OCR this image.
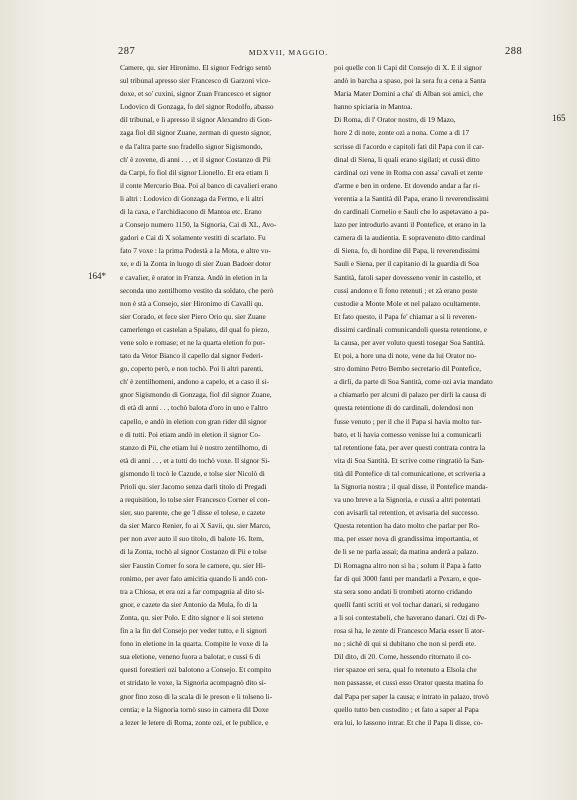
287	MDXVII, MAGGIO.	288
164*
165
Camere, qu. sier Hironimo. El signor Fedrigo sentò
sul tribunal apresso sier Francesco di Garzoni vice-
doxe, et so' cuxini, signor Zuan Francesco et signor
Lodovico di Gonzaga, fo del signor Rodolfo, abasso
dil tribunal, e li apresso il signor Alexandro di Gon-
zaga fiol dil signor Zuane, zerman di questo signor,
e da l'altra parte suo fradello signor Sigismondo,
ch' è zovene, di anni . . , et il signor Costanzo di Pii
da Carpi, fo fiol dil signor Lionello. Et era etiam lì
il conte Mercurio Bua. Poi al banco di cavalieri erano
li altri : Lodovico di Gonzaga da Fermo, e li altri
di la caxa, e l'archidiacono di Mantoa etc. Erano
a Consejo numero 1150, la Signoria, Cai di XL, Avo-
gadori e Cai di X solamente vestiti di scarlato. Fu
fato 7 voxe : la prima Podestà a la Mota, e altre vo-
xe, e di la Zonta in luogo di sier Zuan Badoer dotor
e cavalier, è orator in Franza. Andò in eletion in la
seconda uno zentilhomo vestito da soldato, che però
non è stà a Consejo, sier Hironimo di Cavalli qu.
sier Corado, et fece sier Piero Orio qu. sier Zuane
camerlengo et castelan a Spalato, dil qual fo piezo,
vene solo e romase; et ne la quarta eletion fo por-
tato da Vetor Bianco il capello dal signor Federi-
go, coperto però, e non tochò. Poi li altri parenti,
ch' è zentilhomeni, andono a capelo, et a caso il si-
gnor Sigismondo di Gonzaga, fiol dil signor Zuane,
di età di anni . . , tochò balota d'oro in uno e l'altro
capello, e andò in eletion con gran rider dil signor
e di tutti. Poi etiam andò in eletion il signor Co-
stanzo di Pii, che etiam lui è nostro zentilhomo, di
età di anni . . , et a tutti do tochò voxe. Il signor Si-
gismondo li tocò le Cazude, e tolse sier Nicolò di
Prioli qu. sier Jacomo senza darli titolo di Pregadi
a requisition, lo tolse sier Francesco Corner el con-
sier, suo parente, che ge 'l disse el tolese, e cazete
da sier Marco Renier, fo ai X Savii, qu. sier Marco,
per non aver auto il suo titolo, di balote 16. Item,
di la Zonta, tochò al signor Costanzo di Pii e tolse
sier Faustin Corner fo sora le camere, qu. sier Hi-
ronimo, per aver fato amicitia quando li andò con-
tra a Chiosa, et era ozi a far compagnia al dito si-
gnor, e cazete da sier Antonio da Mula, fo di la
Zonta, qu. sier Polo. E dito signor e li soi steteno
fin a la fin del Consejo per veder tutto, e li signori
fono in eletione in la quarta. Compite le voxe di la
sua eletione, veneno fuora a balotar, e cussì 6 di
questi forestieri ozi balotono a Consejo. Et compito
et stridato le voxe, la Signoria acompagnò dito si-
gnor fino zoso di la scala di le preson e li tolseno li-
centia; e la Signoria tornò suso in camera dil Doxe
a lezer le letere di Roma, zonte ozi, et le publice, e
poi quelle con li Capi dil Consejo di X. E il signor
andò in barcha a spaso, poi la sera fu a cena a Santa
Maria Mater Domini a cha' di Alban soi amici, che
hanno spiciaria in Mantoa.
Di Roma, di l' Orator nostro, di 19 Mazo,
hore 2 di note, zonte ozi a nona. Come a dì 17
scrisse di l'acordo e capitoli fati dil Papa con il car-
dinal di Siena, li quali erano sigilati; et cussì ditto
cardinal ozi vene in Roma con assa' cavali et zente
d'arme e ben in ordene. Et dovendo andar a far ri-
verentia a la Santità dil Papa, erano li reverendissimi
do cardinali Cornelio e Sauli che lo aspetavano a pa-
lazo per introdurlo avanti il Pontefice, et erano in la
camera di la audientia. E sopravenuto ditto cardinal
di Siena, fo, di hordine dil Papa, li reverendissimi
Sauli e Siena, per il capitanio di la guardia di Soa
Santità, fatoli saper dovesseno venir in castello, et
cussì andono e lì fono retenuti ; et zà erano poste
custodie a Monte Mole et nel palazo ocultamente.
Et fato questo, il Papa fe' chiamar a sì li reveren-
dissimi cardinali comunicandoli questa retentione, e
la causa, per aver voluto questi tosegar Soa Santità.
Et poi, a hore una di note, vene da lui Orator no-
stro domino Petro Bembo secretario dil Pontefice,
a dirli, da parte di Soa Santità, come ozi avia mandato
a chiamarlo per alcuni di palazo per dirli la causa di
questa retentione di do cardinali, dolendosi non
fusse venuto ; per il che il Papa si havia molto tur-
bato, et li havia comesso venisse lui a comunicarli
tal retentione fata, per aver questi contrata contra la
vita di Soa Santità. Et scrive come ringratiò la San-
tità dil Pontefice di tal comunicatione, et scriveria a
la Signoria nostra ; il qual disse, il Pontefice manda-
va uno breve a la Signoria, e cussì a altri potentati
con avisarli tal retention, et avisaria del successo.
Questa retention ha dato molto che parlar per Ro-
ma, per esser nova di grandissima importantia, et
de li se ne parla assai; da matina anderà a palazo.
Di Romagna altro non si ha ; solum il Papa à fatto
far di qui 3000 fanti per mandarli a Pexaro, e que-
sta sera sono andati li trombeti atorno cridando
quelli fanti scriti et vol tochar danari, si redugano
a li soi contestabeli, che haverano danari. Ozi di Pe-
rosa si ha, le zente di Francesco Maria esser lì ator-
no ; sichè di qui si dubitano che non si perdi ete.
Dil dito, di 20. Come, hessendo ritornato il co-
rier spazoe eri sera, qual fo retenuto a Elsola che
non passasse, et cussì esso Orator questa matina fo
dal Papa per saper la causa; e intrato in palazo, trovò
quello tutto ben custodito ; et fato a saper al Papa
era lui, lo lassono intrar. Et che il Papa li disse, co-
